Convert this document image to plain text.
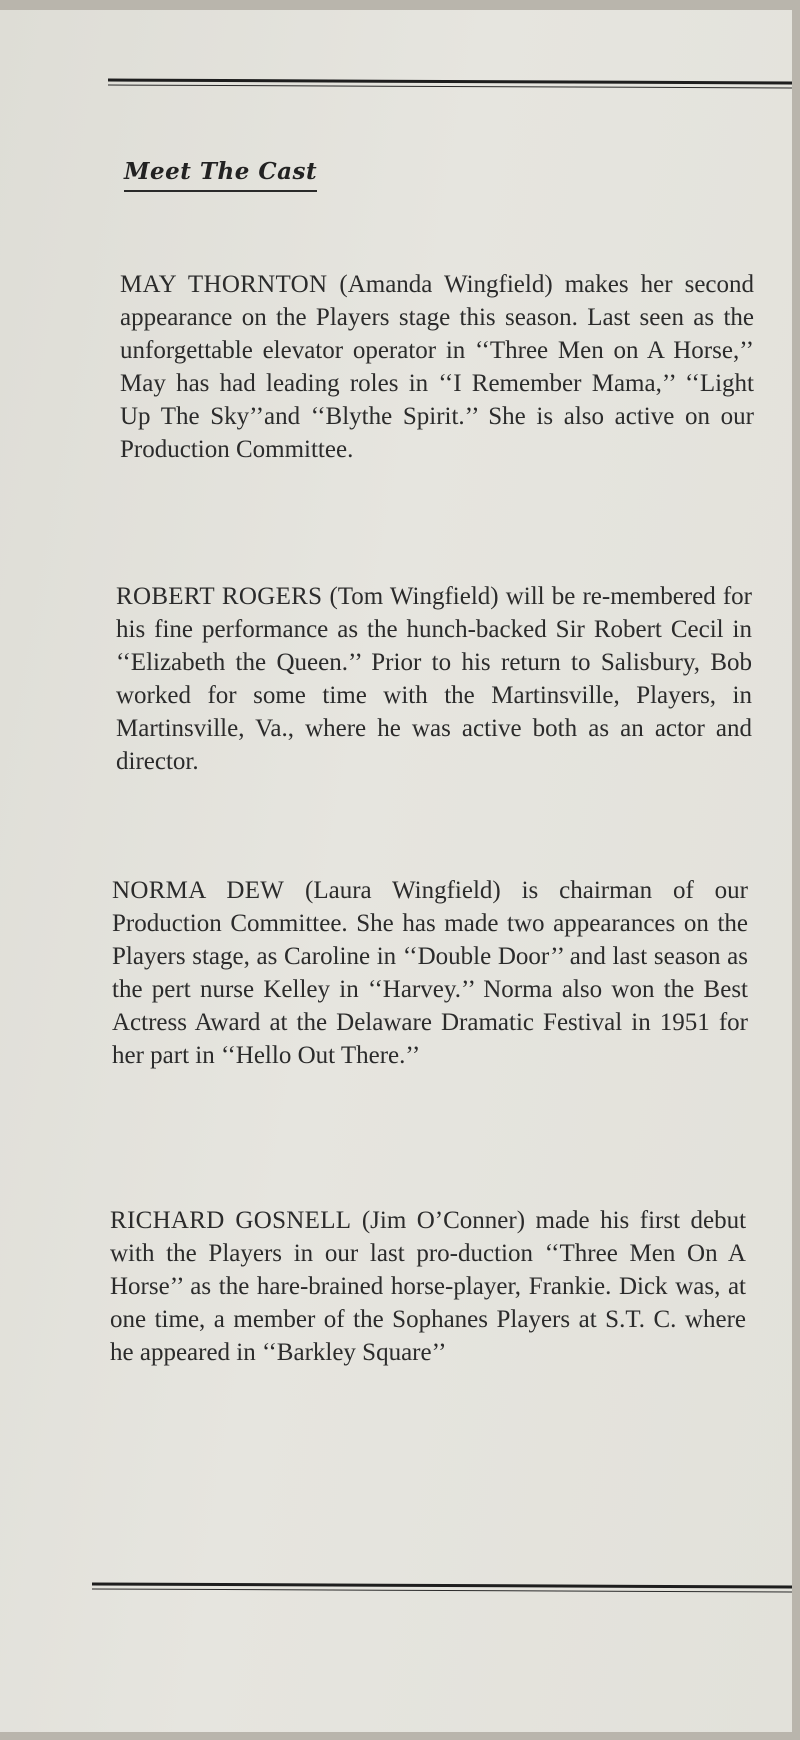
Meet The Cast

MAY THORNTON (Amanda Wingfield) makes her second appearance on the Players stage this season. Last seen as the unforgettable elevator operator in ‘‘Three Men on A Horse,’’ May has had leading roles in ‘‘I Remember Mama,’’ ‘‘Light Up The Sky’’and ‘‘Blythe Spirit.’’ She is also active on our Production Committee.

ROBERT ROGERS (Tom Wingfield) will be re-membered for his fine performance as the hunch-backed Sir Robert Cecil in ‘‘Elizabeth the Queen.’’ Prior to his return to Salisbury, Bob worked for some time with the Martinsville, Players, in Martinsville, Va., where he was active both as an actor and director.

NORMA DEW (Laura Wingfield) is chairman of our Production Committee. She has made two appearances on the Players stage, as Caroline in ‘‘Double Door’’ and last season as the pert nurse Kelley in ‘‘Harvey.’’ Norma also won the Best Actress Award at the Delaware Dramatic Festival in 1951 for her part in ‘‘Hello Out There.’’

RICHARD GOSNELL (Jim O’Conner) made his first debut with the Players in our last pro-duction ‘‘Three Men On A Horse’’ as the hare-brained horse-player, Frankie. Dick was, at one time, a member of the Sophanes Players at S.T. C. where he appeared in ‘‘Barkley Square’’
